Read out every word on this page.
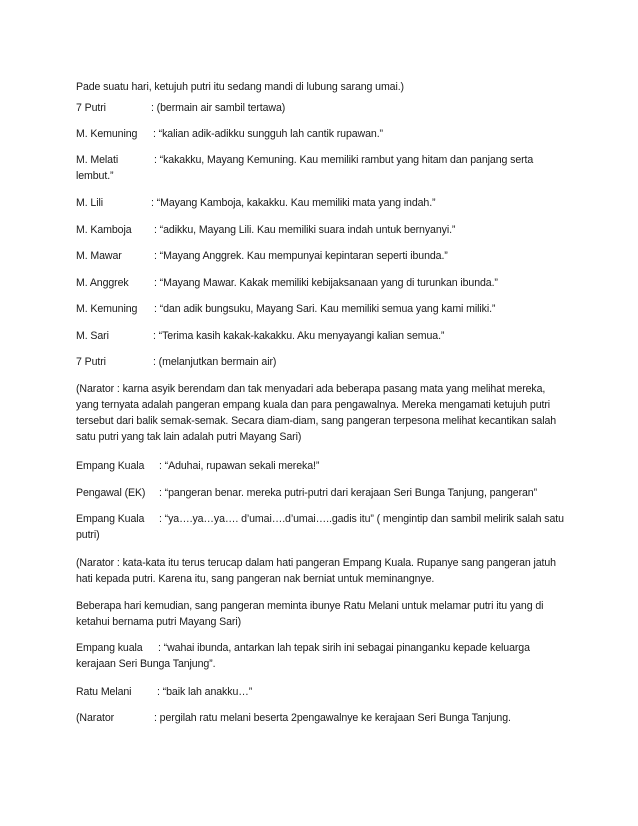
Pade suatu hari, ketujuh putri itu sedang mandi di lubung sarang umai.)
7 Putri	: (bermain air sambil tertawa)
M. Kemuning : “kalian adik-adikku sungguh lah cantik rupawan.”
M. Melati	: “kakakku, Mayang Kemuning. Kau memiliki rambut yang hitam dan panjang serta
lembut.”
M. Lili	: “Mayang Kamboja, kakakku. Kau memiliki mata yang indah.”
M. Kamboja : “adikku, Mayang Lili. Kau memiliki suara indah untuk bernyanyi.”
M. Mawar	: “Mayang Anggrek. Kau mempunyai kepintaran seperti ibunda.”
M. Anggrek : “Mayang Mawar. Kakak memiliki kebijaksanaan yang di turunkan ibunda.”
M. Kemuning : “dan adik bungsuku, Mayang Sari. Kau memiliki semua yang kami miliki.”
M. Sari	: “Terima kasih kakak-kakakku. Aku menyayangi kalian semua.”
7 Putri	: (melanjutkan bermain air)
(Narator : karna asyik berendam dan tak menyadari ada beberapa pasang mata yang melihat mereka,
yang ternyata adalah pangeran empang kuala dan para pengawalnya. Mereka mengamati ketujuh putri
tersebut dari balik semak-semak. Secara diam-diam, sang pangeran terpesona melihat kecantikan salah
satu putri yang tak lain adalah putri Mayang Sari)
Empang Kuala : “Aduhai, rupawan sekali mereka!”
Pengawal (EK) : “pangeran benar. mereka putri-putri dari kerajaan Seri Bunga Tanjung, pangeran”
Empang Kuala : “ya….ya…ya…. d’umai….d’umai…..gadis itu” ( mengintip dan sambil melirik salah satu
putri)
(Narator : kata-kata itu terus terucap dalam hati pangeran Empang Kuala. Rupanye sang pangeran jatuh
hati kepada putri. Karena itu, sang pangeran nak berniat untuk meminangnye.
Beberapa hari kemudian, sang pangeran meminta ibunye Ratu Melani untuk melamar putri itu yang di
ketahui bernama putri Mayang Sari)
Empang kuala : “wahai ibunda, antarkan lah tepak sirih ini sebagai pinanganku kepade keluarga
kerajaan Seri Bunga Tanjung”.
Ratu Melani : “baik lah anakku…”
(Narator	: pergilah ratu melani beserta 2pengawalnye ke kerajaan Seri Bunga Tanjung.
